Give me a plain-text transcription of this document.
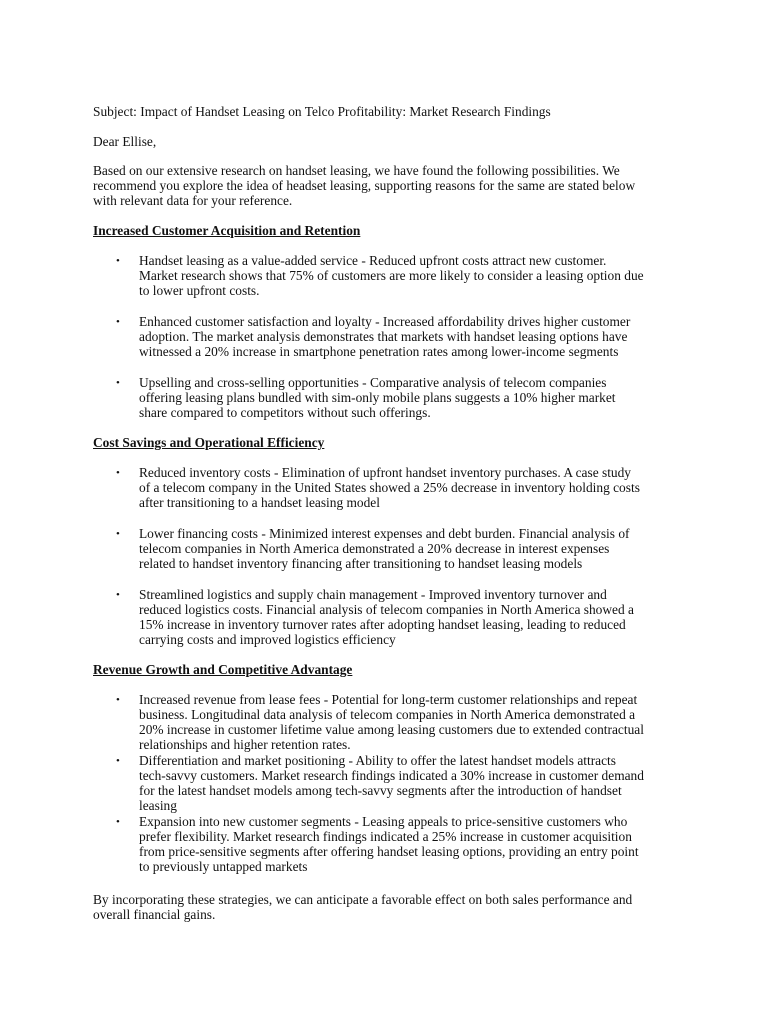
Subject: Impact of Handset Leasing on Telco Profitability: Market Research Findings
Dear Ellise,
Based on our extensive research on handset leasing, we have found the following possibilities. We
recommend you explore the idea of headset leasing, supporting reasons for the same are stated below
with relevant data for your reference.
Increased Customer Acquisition and Retention
• Handset leasing as a value-added service - Reduced upfront costs attract new customer.
Market research shows that 75% of customers are more likely to consider a leasing option due
to lower upfront costs.
• Enhanced customer satisfaction and loyalty - Increased affordability drives higher customer
adoption. The market analysis demonstrates that markets with handset leasing options have
witnessed a 20% increase in smartphone penetration rates among lower-income segments
• Upselling and cross-selling opportunities - Comparative analysis of telecom companies
offering leasing plans bundled with sim-only mobile plans suggests a 10% higher market
share compared to competitors without such offerings.
Cost Savings and Operational Efficiency
• Reduced inventory costs - Elimination of upfront handset inventory purchases. A case study
of a telecom company in the United States showed a 25% decrease in inventory holding costs
after transitioning to a handset leasing model
• Lower financing costs - Minimized interest expenses and debt burden. Financial analysis of
telecom companies in North America demonstrated a 20% decrease in interest expenses
related to handset inventory financing after transitioning to handset leasing models
• Streamlined logistics and supply chain management - Improved inventory turnover and
reduced logistics costs. Financial analysis of telecom companies in North America showed a
15% increase in inventory turnover rates after adopting handset leasing, leading to reduced
carrying costs and improved logistics efficiency
Revenue Growth and Competitive Advantage
• Increased revenue from lease fees - Potential for long-term customer relationships and repeat
business. Longitudinal data analysis of telecom companies in North America demonstrated a
20% increase in customer lifetime value among leasing customers due to extended contractual
relationships and higher retention rates.
• Differentiation and market positioning - Ability to offer the latest handset models attracts
tech-savvy customers. Market research findings indicated a 30% increase in customer demand
for the latest handset models among tech-savvy segments after the introduction of handset
leasing
• Expansion into new customer segments - Leasing appeals to price-sensitive customers who
prefer flexibility. Market research findings indicated a 25% increase in customer acquisition
from price-sensitive segments after offering handset leasing options, providing an entry point
to previously untapped markets
By incorporating these strategies, we can anticipate a favorable effect on both sales performance and
overall financial gains.
